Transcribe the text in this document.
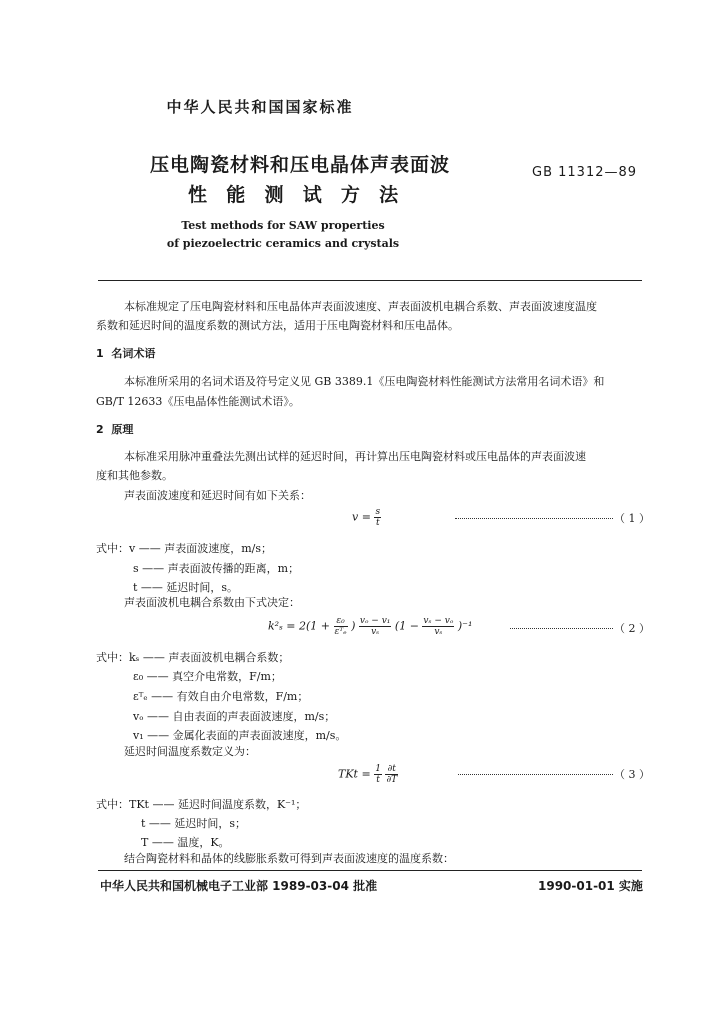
中华人民共和国国家标准
压电陶瓷材料和压电晶体声表面波
性  能  测  试  方  法
GB 11312—89
Test methods for SAW properties
of piezoelectric ceramics and crystals
本标准规定了压电陶瓷材料和压电晶体声表面波速度、声表面波机电耦合系数、声表面波速度温度
系数和延迟时间的温度系数的测试方法，适用于压电陶瓷材料和压电晶体。
1  名词术语
本标准所采用的名词术语及符号定义见 GB 3389.1《压电陶瓷材料性能测试方法常用名词术语》和
GB/T 12633《压电晶体性能测试术语》。
2  原理
本标准采用脉冲重叠法先测出试样的延迟时间，再计算出压电陶瓷材料或压电晶体的声表面波速
度和其他参数。
声表面波速度和延迟时间有如下关系：
$v = \frac{s}{t}$	（ 1 ）
式中：v —— 声表面波速度，m/s；
s —— 声表面波传播的距离，m；
t —— 延迟时间，s。
声表面波机电耦合系数由下式决定：
$k^2_s = 2(1 + \frac{\text{ε₀}}{\text{εᵀₑ}}$ ) $\frac{\text{vₒ − v₁}}{\text{vₛ}} (1 - \frac{\text{vₛ − vₒ}}{\text{vₛ}} )^{-1}$	（ 2 ）
式中：kₛ —— 声表面波机电耦合系数；
ε₀ —— 真空介电常数，F/m；
εᵀₑ —— 有效自由介电常数，F/m；
vₒ —— 自由表面的声表面波速度，m/s；
v₁ —— 金属化表面的声表面波速度，m/s。
延迟时间温度系数定义为：
TKt = $\frac{1}{t}$
$\frac{\partial t}{\partial T}$	（ 3 ）
式中：TKt —— 延迟时间温度系数，K⁻¹；
t —— 延迟时间，s；
T —— 温度，K。
结合陶瓷材料和晶体的线膨胀系数可得到声表面波速度的温度系数：
中华人民共和国机械电子工业部 1989-03-04 批准	1990-01-01 实施
